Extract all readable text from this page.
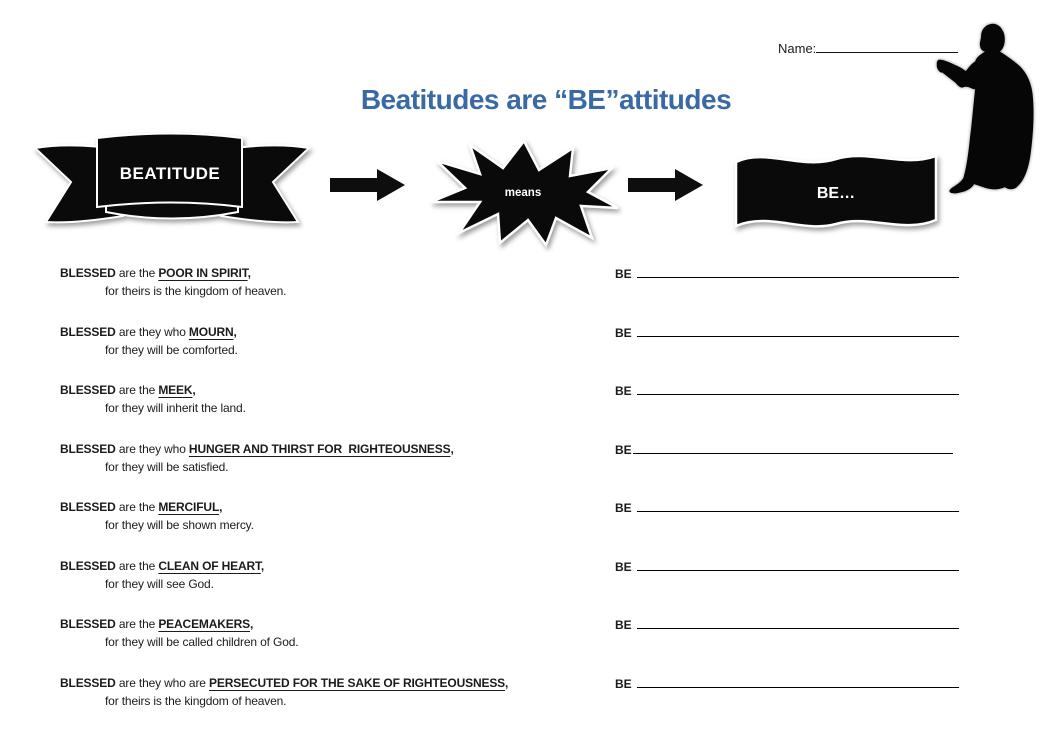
Name:
Beatitudes are “BE”attitudes
BEATITUDE
means	BE…

BLESSED are the POOR IN SPIRIT,

for theirs is the kingdom of heaven.

BE

BLESSED are they who MOURN,

for they will be comforted.

BE

BLESSED are the MEEK,

for they will inherit the land.

BE

BLESSED are they who HUNGER AND THIRST FOR  RIGHTEOUSNESS,

for they will be satisfied.

BE

BLESSED are the MERCIFUL,

for they will be shown mercy.

BE

BLESSED are the CLEAN OF HEART,

for they will see God.

BE

BLESSED are the PEACEMAKERS,

for they will be called children of God.

BE

BLESSED are they who are PERSECUTED FOR THE SAKE OF RIGHTEOUSNESS,

for theirs is the kingdom of heaven.

BE
